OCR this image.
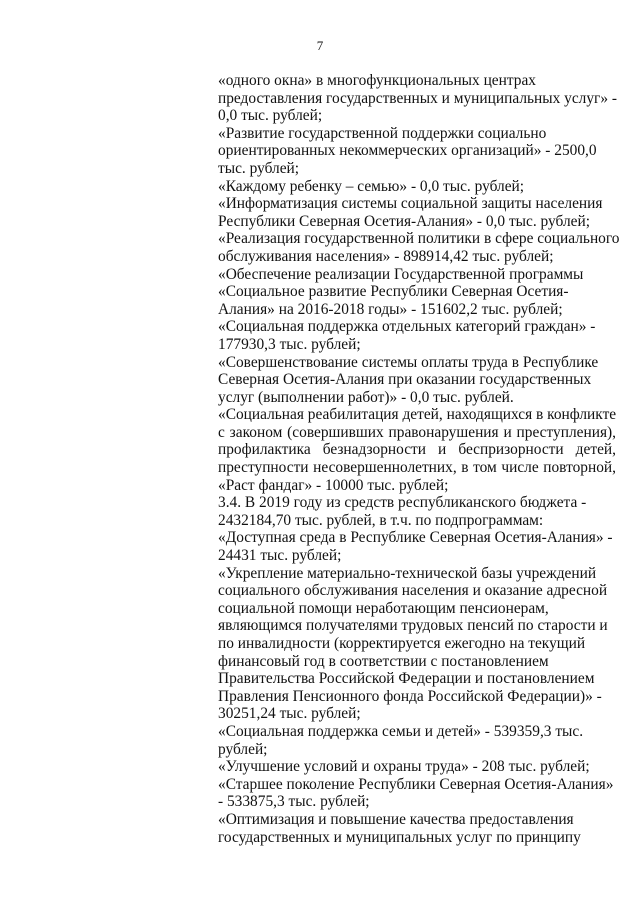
7
«одного окна» в многофункциональных центрах
предоставления государственных и муниципальных услуг» -
0,0 тыс. рублей;
«Развитие государственной поддержки социально
ориентированных некоммерческих организаций» - 2500,0
тыс. рублей;
«Каждому ребенку – семью» - 0,0 тыс. рублей;
«Информатизация системы социальной защиты населения
Республики Северная Осетия-Алания» - 0,0 тыс. рублей;
«Реализация государственной политики в сфере социального
обслуживания населения» - 898914,42 тыс. рублей;
«Обеспечение реализации Государственной программы
«Социальное развитие Республики Северная Осетия-
Алания» на 2016-2018 годы» - 151602,2 тыс. рублей;
«Социальная поддержка отдельных категорий граждан» -
177930,3 тыс. рублей;
«Совершенствование системы оплаты труда в Республике
Северная Осетия-Алания при оказании государственных
услуг (выполнении работ)» - 0,0 тыс. рублей.
«Социальная реабилитация детей, находящихся в конфликте
с законом (совершивших правонарушения и преступления),
профилактика безнадзорности и беспризорности детей,
преступности несовершеннолетних, в том числе повторной,
«Раст фандаг» - 10000 тыс. рублей;
3.4. В 2019 году из средств республиканского бюджета -
2432184,70 тыс. рублей, в т.ч. по подпрограммам:
«Доступная среда в Республике Северная Осетия-Алания» -
24431 тыс. рублей;
«Укрепление материально-технической базы учреждений
социального обслуживания населения и оказание адресной
социальной помощи неработающим пенсионерам,
являющимся получателями трудовых пенсий по старости и
по инвалидности (корректируется ежегодно на текущий
финансовый год в соответствии с постановлением
Правительства Российской Федерации и постановлением
Правления Пенсионного фонда Российской Федерации)» -
30251,24 тыс. рублей;
«Социальная поддержка семьи и детей» - 539359,3 тыс.
рублей;
«Улучшение условий и охраны труда» - 208 тыс. рублей;
«Старшее поколение Республики Северная Осетия-Алания»
- 533875,3 тыс. рублей;
«Оптимизация и повышение качества предоставления
государственных и муниципальных услуг по принципу
